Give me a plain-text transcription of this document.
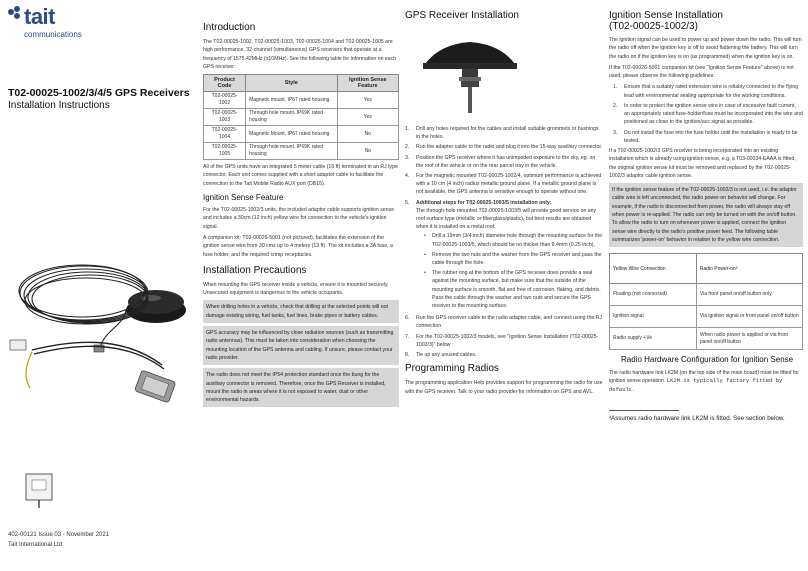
tait
communications
T02-00025-1002/3/4/5 GPS Receivers
Installation Instructions
402-00121 Issue 03 - November 2021
Tait International Ltd
Introduction

The T02-00025-1002, T02-00025-1003, T02-00025-1004 and T02-00025-1005 are high performance, 32-channel (simultaneous) GPS receivers that operate at a frequency of 1575.42MHz (±10MHz). See the following table for information on each GPS receiver:

Product Code	Style	Ignition Sense Feature
T02-00025-1002	Magnetic mount, IP67 rated housing.	Yes
T02-00025-1003	Through hole mount, IP69K rated housing	Yes
T02-00025-1004	Magnetic Mount, IP67 rated housing.	No
T02-00025-1005	Through hole mount, IP69K rated housing	No

All of the GPS units have an integrated 5 meter cable (16 ft) terminated in an RJ type connector. Each unit comes supplied with a short adaptor cable to facilitate the connection to the Tait Mobile Radio AUX port (DB15).

Ignition Sense Feature

For the T02-00025-1002/3 units, the included adaptor cable supports ignition sense and includes a 30cm (12 inch) yellow wire for connection to the vehicle's ignition signal.

A companion kit: T02-00026-5001 (not pictured), facilitates the extension of the ignition sense wire from 30 cms up to 4 meters (13 ft). The kit includes a 3A fuse, a fuse holder, and the required crimp receptacles.

Installation Precautions

When mounting the GPS receiver inside a vehicle, ensure it is mounted securely. Unsecured equipment is dangerous to the vehicle occupants.

When drilling holes in a vehicle, check that drilling at the selected points will not damage existing wiring, fuel tanks, fuel lines, brake pipes or battery cables.

GPS accuracy may be influenced by close radiation sources (such as transmitting radio antennas). This must be taken into consideration when choosing the mounting location of the GPS antenna and cabling. If unsure, please contact your radio provider.

The radio does not meet the IP54 protection standard once the bung for the auxiliary connector is removed. Therefore, once the GPS Receiver is installed, mount the radio in areas where it is not exposed to water, dust or other environmental hazards.

GPS Receiver Installation
1.	Drill any holes required for the cables and install suitable grommets or bushings in the holes.
2.	Run the adapter cable to the radio and plug it into the 15-way auxiliary connector.
3.	Position the GPS receiver where it has unimpeded exposure to the sky, eg. on the roof of the vehicle or on the rear parcel tray in the vehicle.
4.	For the magnetic mounted T02-00025-1002/4, optimum performance is achieved with a 10 cm (4 inch) radius metallic ground plane. If a metallic ground plane is not available, the GPS antenna is sensitive enough to operate without one.
5.	Additional steps for T02-00025-1003/5 installation only:
The through-hole mounted T02-00025-1003/5 will provide good service on any roof surface type (metallic or fiberglass/plastic), but best results are obtained when it is installed on a metal roof.
•	Drill a 19mm (3/4 inch) diameter hole through the mounting surface for the T02-00025-1003/5, which should be no thicker than 6.4mm (0.25 inch).
•	Remove the two nuts and the washer from the GPS receiver and pass the cable through the hole.
•	The rubber ring at the bottom of the GPS receiver does provide a seal against the mounting surface, but make sure that the outside of the mounting surface is smooth, flat and free of corrosion, flaking, and debris. Pass the cable through the washer and two nuts and secure the GPS receiver to the mounting surface.
6.	Run the GPS receiver cable to the radio adapter cable, and connect using the RJ connection.
7.	For the T02-00025-1002/3 models, see "Ignition Sense Installation (T02-00025-1002/3)" below
8.	Tie up any unused cables.
Programming Radios

The programming application Help provides support for programming the radio for use with the GPS receiver. Talk to your radio provider for information on GPS and AVL.

Ignition Sense Installation
(T02-00025-1002/3)

The ignition signal can be used to power up and power down the radio. This will turn the radio off when the ignition key is off to avoid flattening the battery. This will turn the radio on if the ignition key is on (as programmed) when the ignition key is on.

If the T02-00026-5001 companion kit (see "Ignition Sense Feature" above) is not used, please observe the following guidelines:

1.	Ensure that a suitably rated extension wire is reliably connected to the flying lead with environmental sealing appropriate for the working conditions.
2.	In order to protect the ignition sense wire in case of excessive fault current, an appropriately rated fuse-holder/fuse must be incorporated into the wire and positioned as close to the ignition/acc signal as possible.
3.	Do not install the fuse into the fuse holder until the installation is ready to be tested.

If a T02-00025-1002/3 GPS receiver is being incorporated into an existing installation which is already using ignition sense, e.g. a T03-00034-EAAA is fitted, the original ignition sense kit must be removed and replaced by the T02-00025-1002/3 adaptor cable ignition sense.

If the ignition sense feature of the T02-00025-1002/3 is not used, i.e. the adaptor cable wire is left unconnected, the radio power-on behavior will change. For example, if the radio is disconnected from power, the radio will always stay off when power is re-applied. The radio can only be turned on with the on/off button. To allow the radio to turn on whenever power is applied, connect the ignition sense wire directly to the radio's positive power feed. The following table summarizes 'power-on' behavior in relation to the yellow wire connection.

Yellow Wire Connection	Radio Power-on³
Floating (not connected)	Via front panel on/off button only
Ignition signal	Via ignition signal or front panel on/off button
Radio supply +Ve	When radio power is applied or via front panel on/off button
Radio Hardware Configuration for Ignition Sense

The radio hardware link LK2M (on the top side of the main board) must be fitted for ignition sense operation. LK2M is typically factory fitted by default.

³Assumes radio hardware link LK2M is fitted. See section below.
